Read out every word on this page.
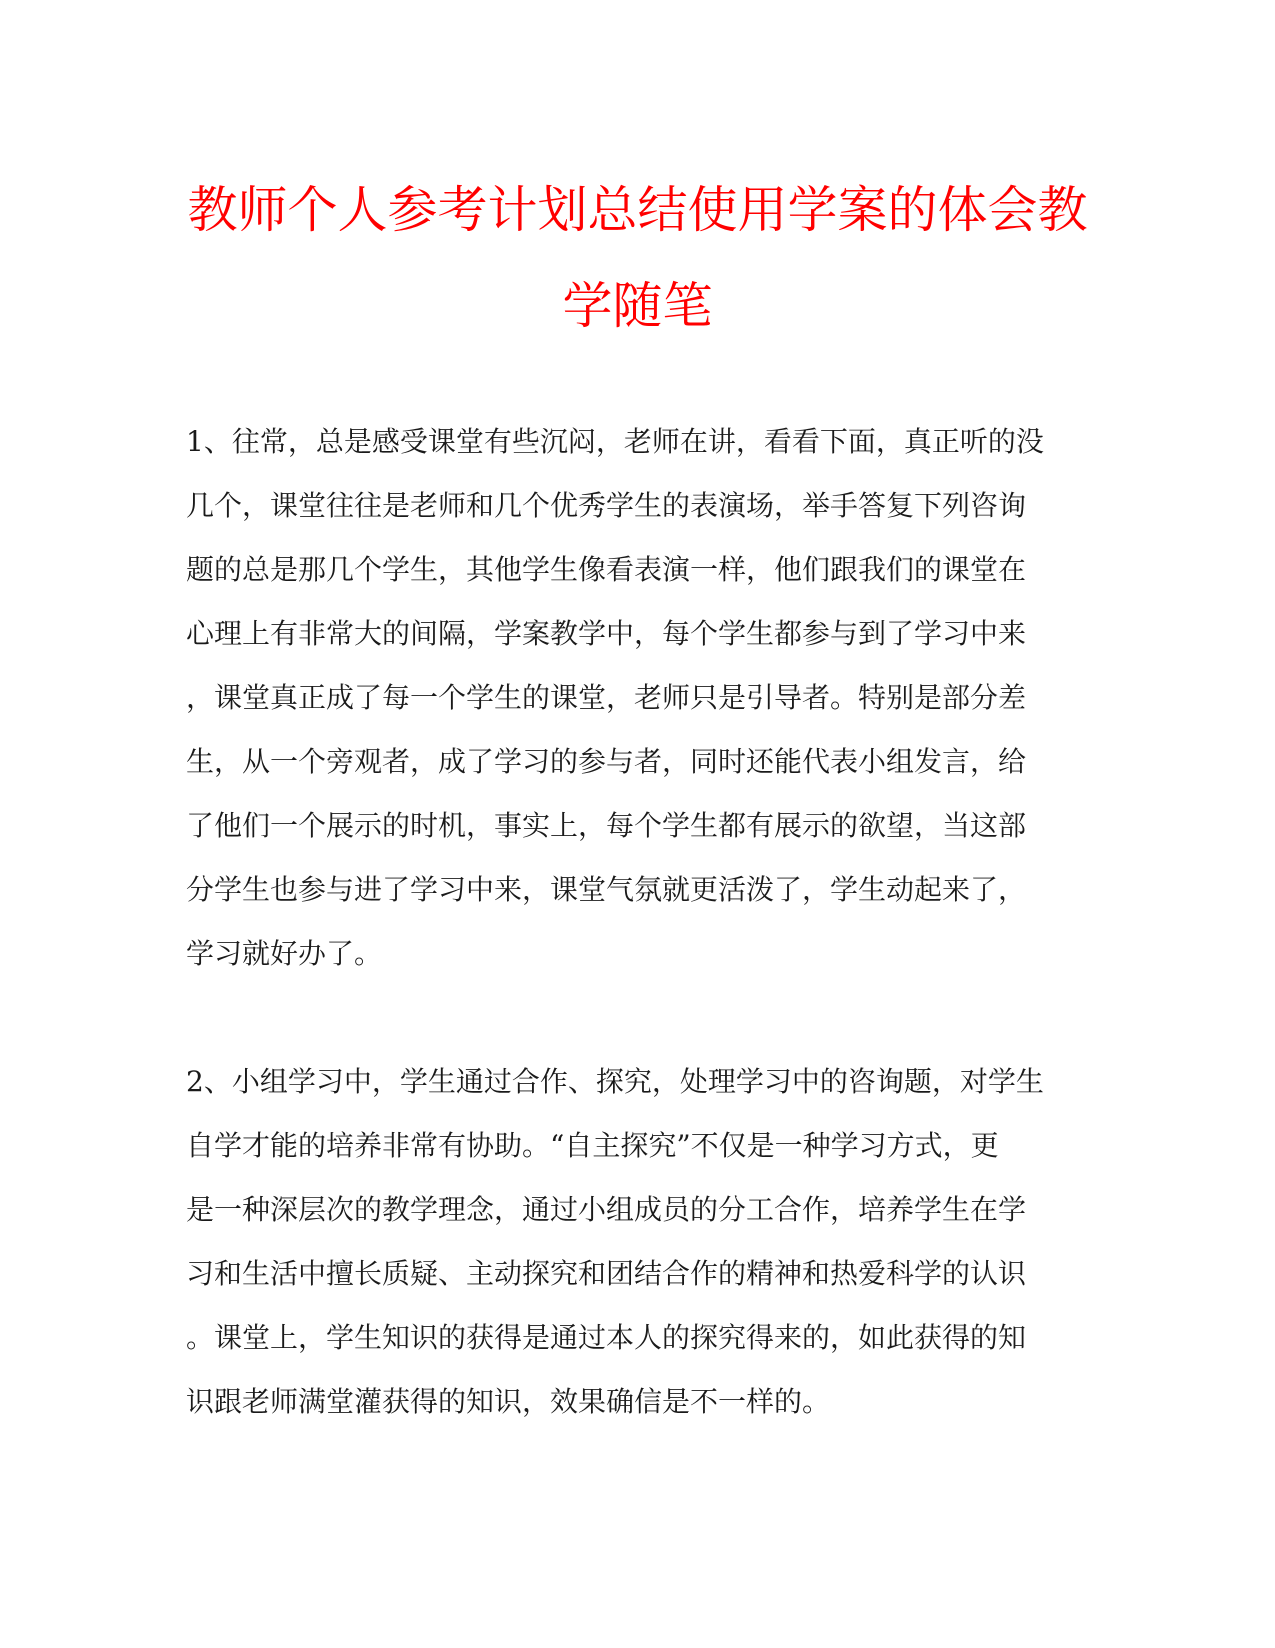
教师个人参考计划总结使用学案的体会教
学随笔
1、往常，总是感受课堂有些沉闷，老师在讲，看看下面，真正听的没
几个，课堂往往是老师和几个优秀学生的表演场，举手答复下列咨询
题的总是那几个学生，其他学生像看表演一样，他们跟我们的课堂在
心理上有非常大的间隔，学案教学中，每个学生都参与到了学习中来
，课堂真正成了每一个学生的课堂，老师只是引导者。特别是部分差
生，从一个旁观者，成了学习的参与者，同时还能代表小组发言，给
了他们一个展示的时机，事实上，每个学生都有展示的欲望，当这部
分学生也参与进了学习中来，课堂气氛就更活泼了，学生动起来了，
学习就好办了。
2、小组学习中，学生通过合作、探究，处理学习中的咨询题，对学生
自学才能的培养非常有协助。“自主探究”不仅是一种学习方式，更
是一种深层次的教学理念，通过小组成员的分工合作，培养学生在学
习和生活中擅长质疑、主动探究和团结合作的精神和热爱科学的认识
。课堂上，学生知识的获得是通过本人的探究得来的，如此获得的知
识跟老师满堂灌获得的知识，效果确信是不一样的。
